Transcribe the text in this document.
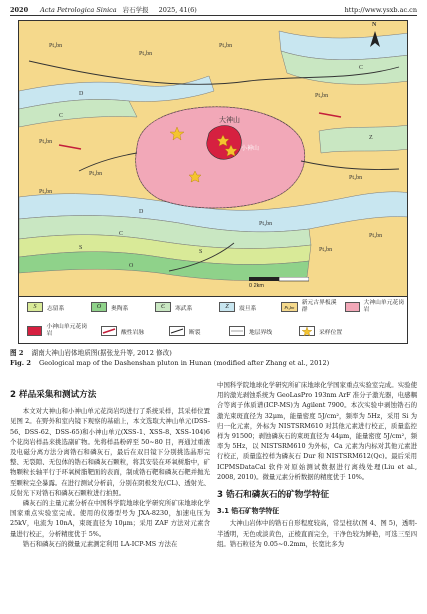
2020 Acta Petrologica Sinica 岩石学报 2025, 41(6)	http://www.ysxb.ac.cn
Pt₃bn
Pt₃bn
Pt₃bn
Pt₃bn
Pt₃bn
Pt₃bn
Pt₃bn
Pt₃bn
Pt₃bn
Pt₃bn
Pt₃bn
D
D
C
C
C
S
S
O
Z
大神山
小神山
N
0 2km
S	志留系	O	奥陶系	Є	寒武系	Z	震旦系	Pt₃bn
新元古界板溪群
大神山单元花岗岩
小神山单元花岗岩	酸性岩脉	断裂	地层界线	采样位置
图 2 湖南大神山岩体地质图(据张龙升等, 2012 修改)
Fig. 2 Geological map of the Dashenshan pluton in Hunan (modified after Zhang et al., 2012)
2 样品采集和测试方法

本文对大神山和小神山单元花岗岩均进行了系统采样，其采样位置见图 2。在野外和室内镜下观察的基础上，本文选取大神山单元(DSS-56、DSS-62、DSS-65)和小神山单元(XSS-1、XSS-8、XSS-104)6 个花岗岩样品来挑选副矿物。先将样品粉碎至 50~80 目，再通过重液及电磁分离方法分离锆石和磷灰石，最后在双目镜下分别挑选晶形完整、无裂隙、无包体的锆石和磷灰石颗粒，将其安装在环氧树脂中，矿物颗粒长轴平行于环氧树脂靶面的表面，制成锆石靶和磷灰石靶并抛光至颗粒完全暴露。在进行测试分析前，分别在阴极发光(CL)、透射光、反射光下对锆石和磷灰石颗粒进行拍照。

磷灰石的主量元素分析在中国科学院地球化学研究所矿床地球化学国家重点实验室完成。使用的仪器型号为 JXA-8230，加速电压为 25kV，电流为 10nA，束斑直径为 10μm；采用 ZAF 方法对元素含量进行校正，分析精度优于 5%。

锆石和磷灰石的微量元素测定利用 LA-ICP-MS 方法在

中国科学院地球化学研究所矿床地球化学国家重点实验室完成。实验使用的激光剥蚀系统为 GeoLasPro 193nm ArF 准分子激光器，电感耦合等离子体质谱(ICP-MS)为 Agilent 7900。本次实验中剥蚀锆石的激光束斑直径为 32μm，能量密度 5J/cm²，频率为 5Hz，采用 Si 为归一化元素，外标为 NISTSRM610 对其他元素进行校正，质量监控样为 91500；剥蚀磷灰石的束斑直径为 44μm，能量密度 5J/cm²，频率为 5Hz，以 NISTSRM610 为外标，Ca 元素为内标对其他元素进行校正，质量监控样为磷灰石 Dur 和 NISTSRM612(Qc)。最后采用 ICPMSDataCal 软件对原始测试数据进行离线处理(Liu et al., 2008, 2010)。微量元素分析数据的精度优于 10%。

3 锆石和磷灰石的矿物学特征
3.1 锆石矿物学特征

大神山岩体中的锆石自形程度较高，常呈柱状(图 4、图 5)，透明-半透明，无色或淡黄色，正棱直面完全，干净色较为鲜艳，可选三至四组。锆石粒径为 0.05~0.2mm，长宽比多为
